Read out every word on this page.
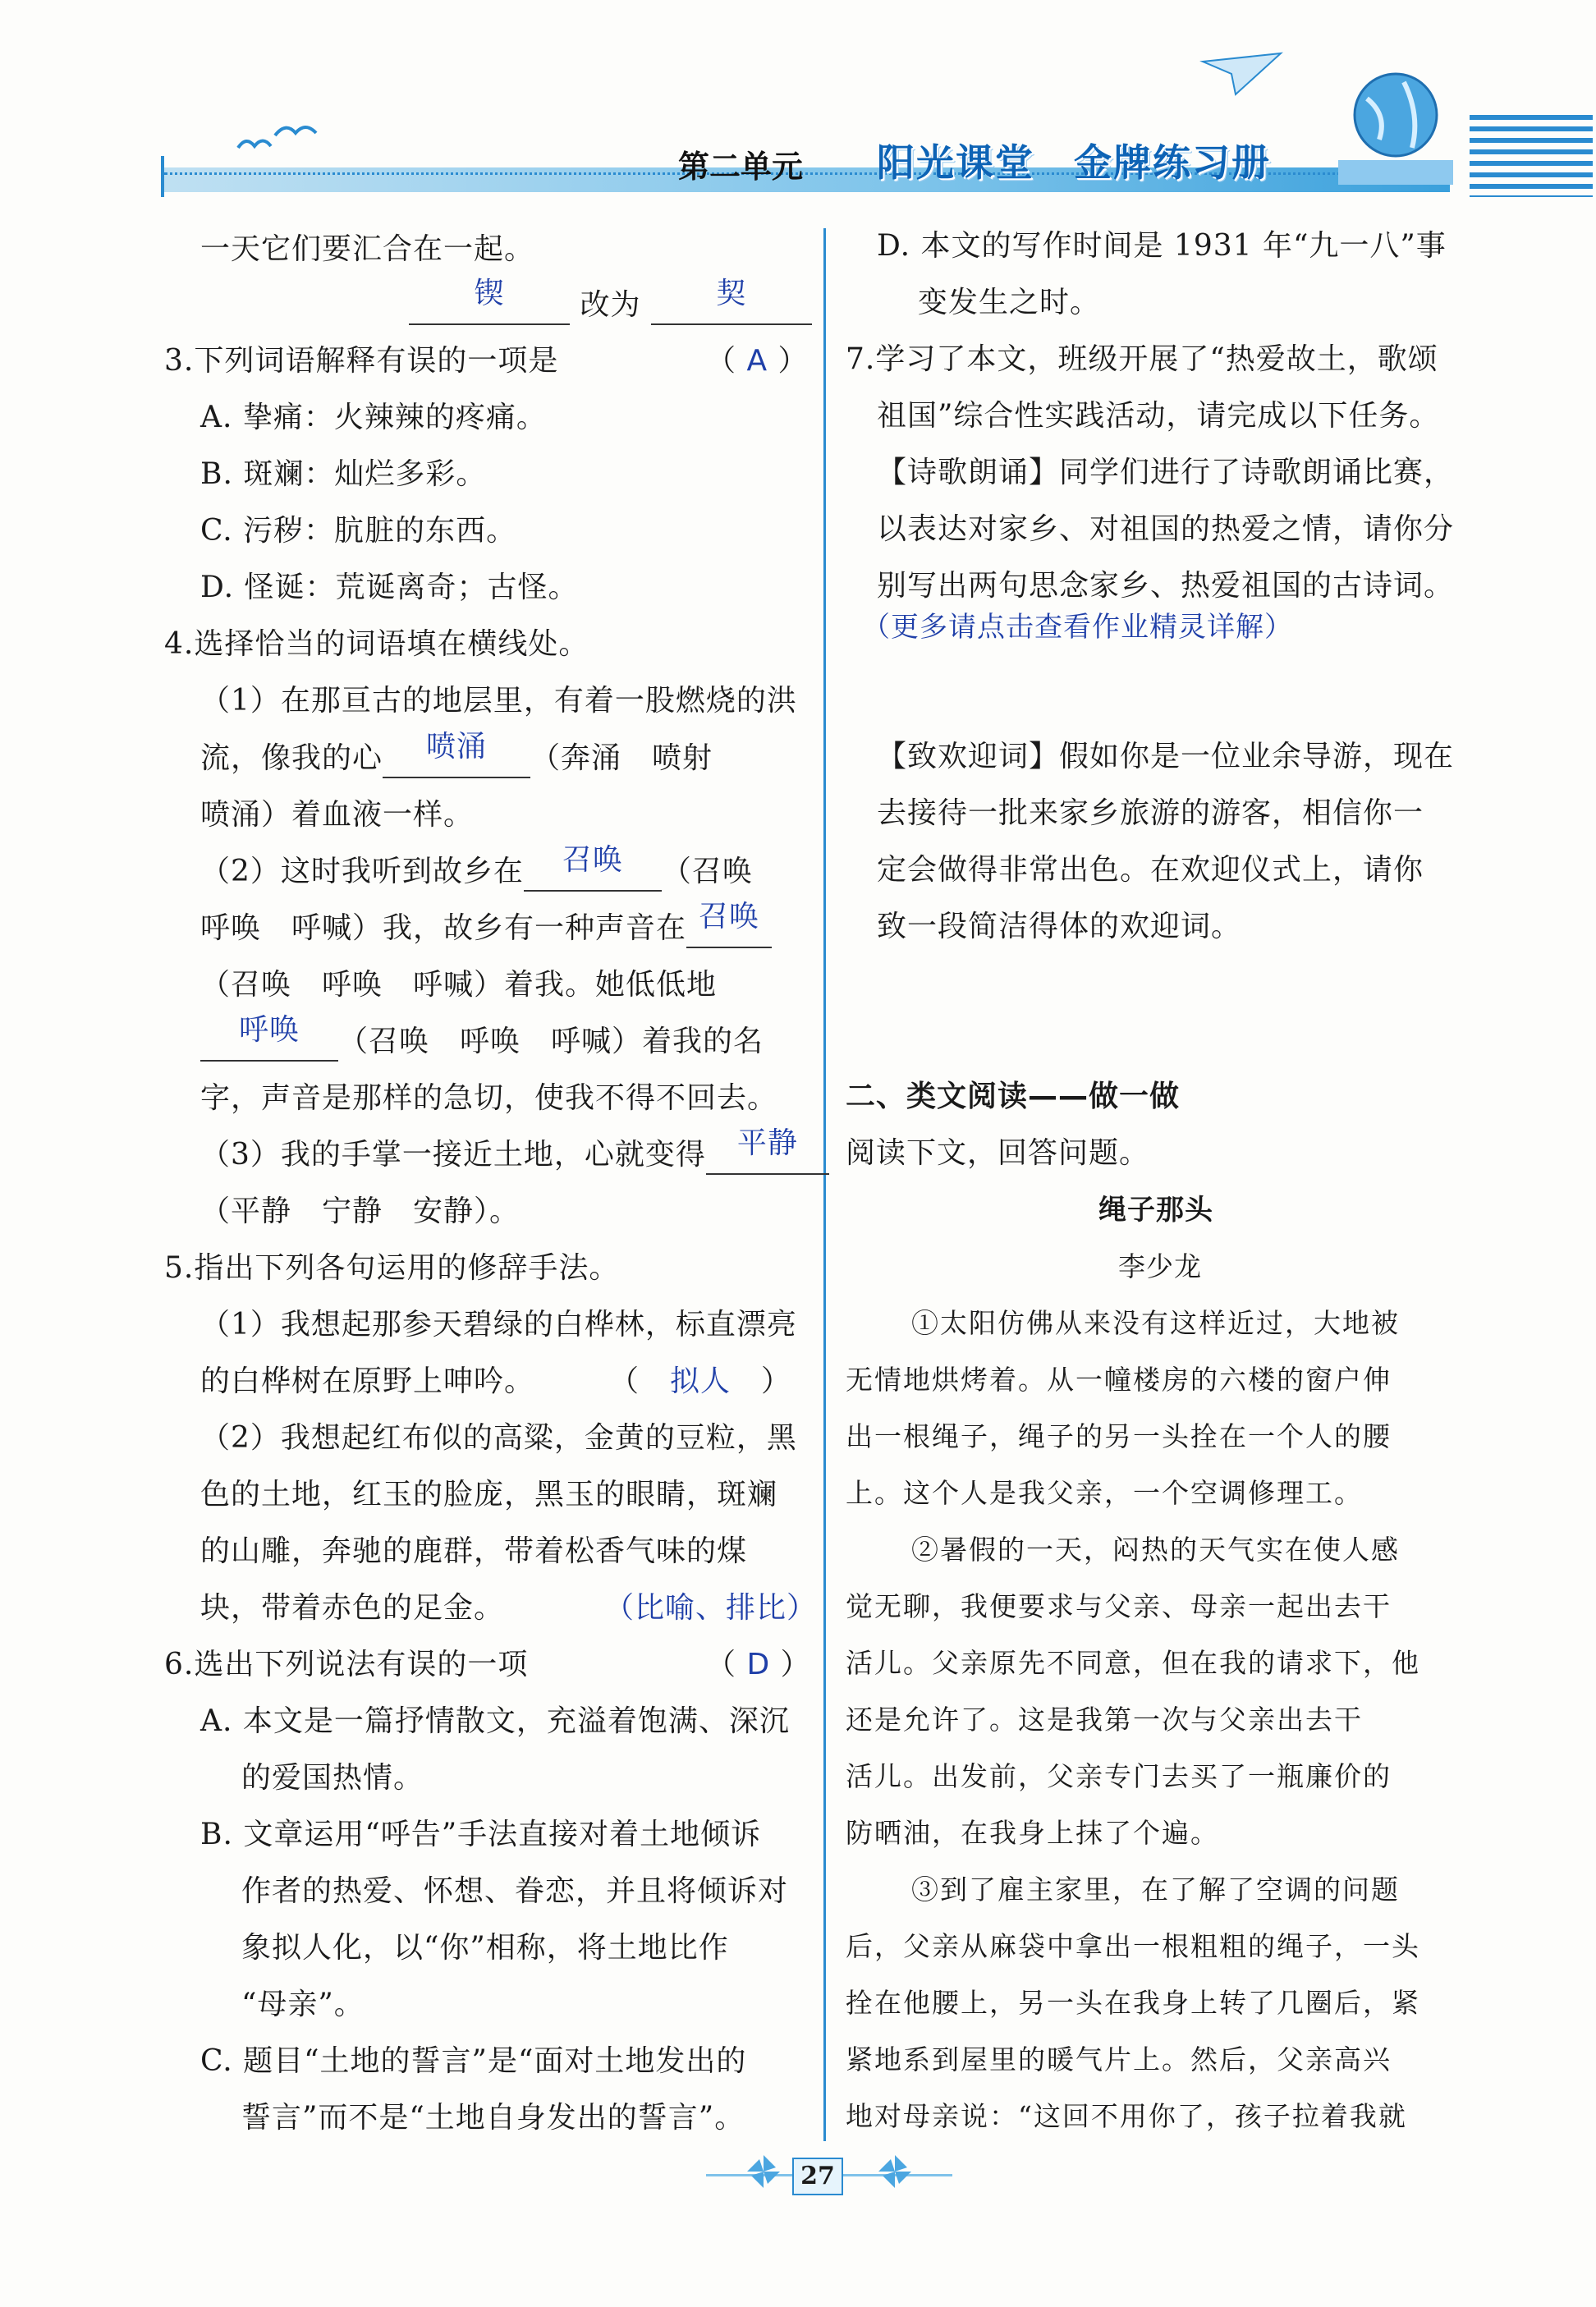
第二单元 阳光课堂　金牌练习册
一天它们要汇合在一起。
锲	改为	契
3.下列词语解释有误的一项是	（ A ）
A. 挚痛：火辣辣的疼痛。
B. 斑斓：灿烂多彩。
C. 污秽：肮脏的东西。
D. 怪诞：荒诞离奇；古怪。
4.选择恰当的词语填在横线处。
（1）在那亘古的地层里，有着一股燃烧的洪
流，像我的心 喷涌 （奔涌　喷射
喷涌）着血液一样。
（2）这时我听到故乡在 召唤 （召唤
呼唤　呼喊）我，故乡有一种声音在 召唤
（召唤　呼唤　呼喊）着我。她低低地
呼唤 （召唤　呼唤　呼喊）着我的名
字，声音是那样的急切，使我不得不回去。
（3）我的手掌一接近土地，心就变得 平静
（平静　宁静　安静）。
5.指出下列各句运用的修辞手法。
（1）我想起那参天碧绿的白桦林，标直漂亮
的白桦树在原野上呻吟。	（　拟人　）
（2）我想起红布似的高粱，金黄的豆粒，黑
色的土地，红玉的脸庞，黑玉的眼睛，斑斓
的山雕，奔驰的鹿群，带着松香气味的煤
块，带着赤色的足金。	（比喻、排比）
6.选出下列说法有误的一项	（ D ）
A. 本文是一篇抒情散文，充溢着饱满、深沉
的爱国热情。
B. 文章运用“呼告”手法直接对着土地倾诉
作者的热爱、怀想、眷恋，并且将倾诉对
象拟人化，以“你”相称，将土地比作
“母亲”。
C. 题目“土地的誓言”是“面对土地发出的
誓言”而不是“土地自身发出的誓言”。
D. 本文的写作时间是 1931 年“九一八”事
变发生之时。
7.学习了本文，班级开展了“热爱故土，歌颂
祖国”综合性实践活动，请完成以下任务。
【诗歌朗诵】同学们进行了诗歌朗诵比赛，
以表达对家乡、对祖国的热爱之情，请你分
别写出两句思念家乡、热爱祖国的古诗词。
（更多请点击查看作业精灵详解）
【致欢迎词】假如你是一位业余导游，现在
去接待一批来家乡旅游的游客，相信你一
定会做得非常出色。在欢迎仪式上，请你
致一段简洁得体的欢迎词。
二、类文阅读——做一做
阅读下文，回答问题。
绳子那头
李少龙
①太阳仿佛从来没有这样近过，大地被
无情地烘烤着。从一幢楼房的六楼的窗户伸
出一根绳子，绳子的另一头拴在一个人的腰
上。这个人是我父亲，一个空调修理工。
②暑假的一天，闷热的天气实在使人感
觉无聊，我便要求与父亲、母亲一起出去干
活儿。父亲原先不同意，但在我的请求下，他
还是允许了。这是我第一次与父亲出去干
活儿。出发前，父亲专门去买了一瓶廉价的
防晒油，在我身上抹了个遍。
③到了雇主家里，在了解了空调的问题
后，父亲从麻袋中拿出一根粗粗的绳子，一头
拴在他腰上，另一头在我身上转了几圈后，紧
紧地系到屋里的暖气片上。然后，父亲高兴
地对母亲说：“这回不用你了，孩子拉着我就
27
